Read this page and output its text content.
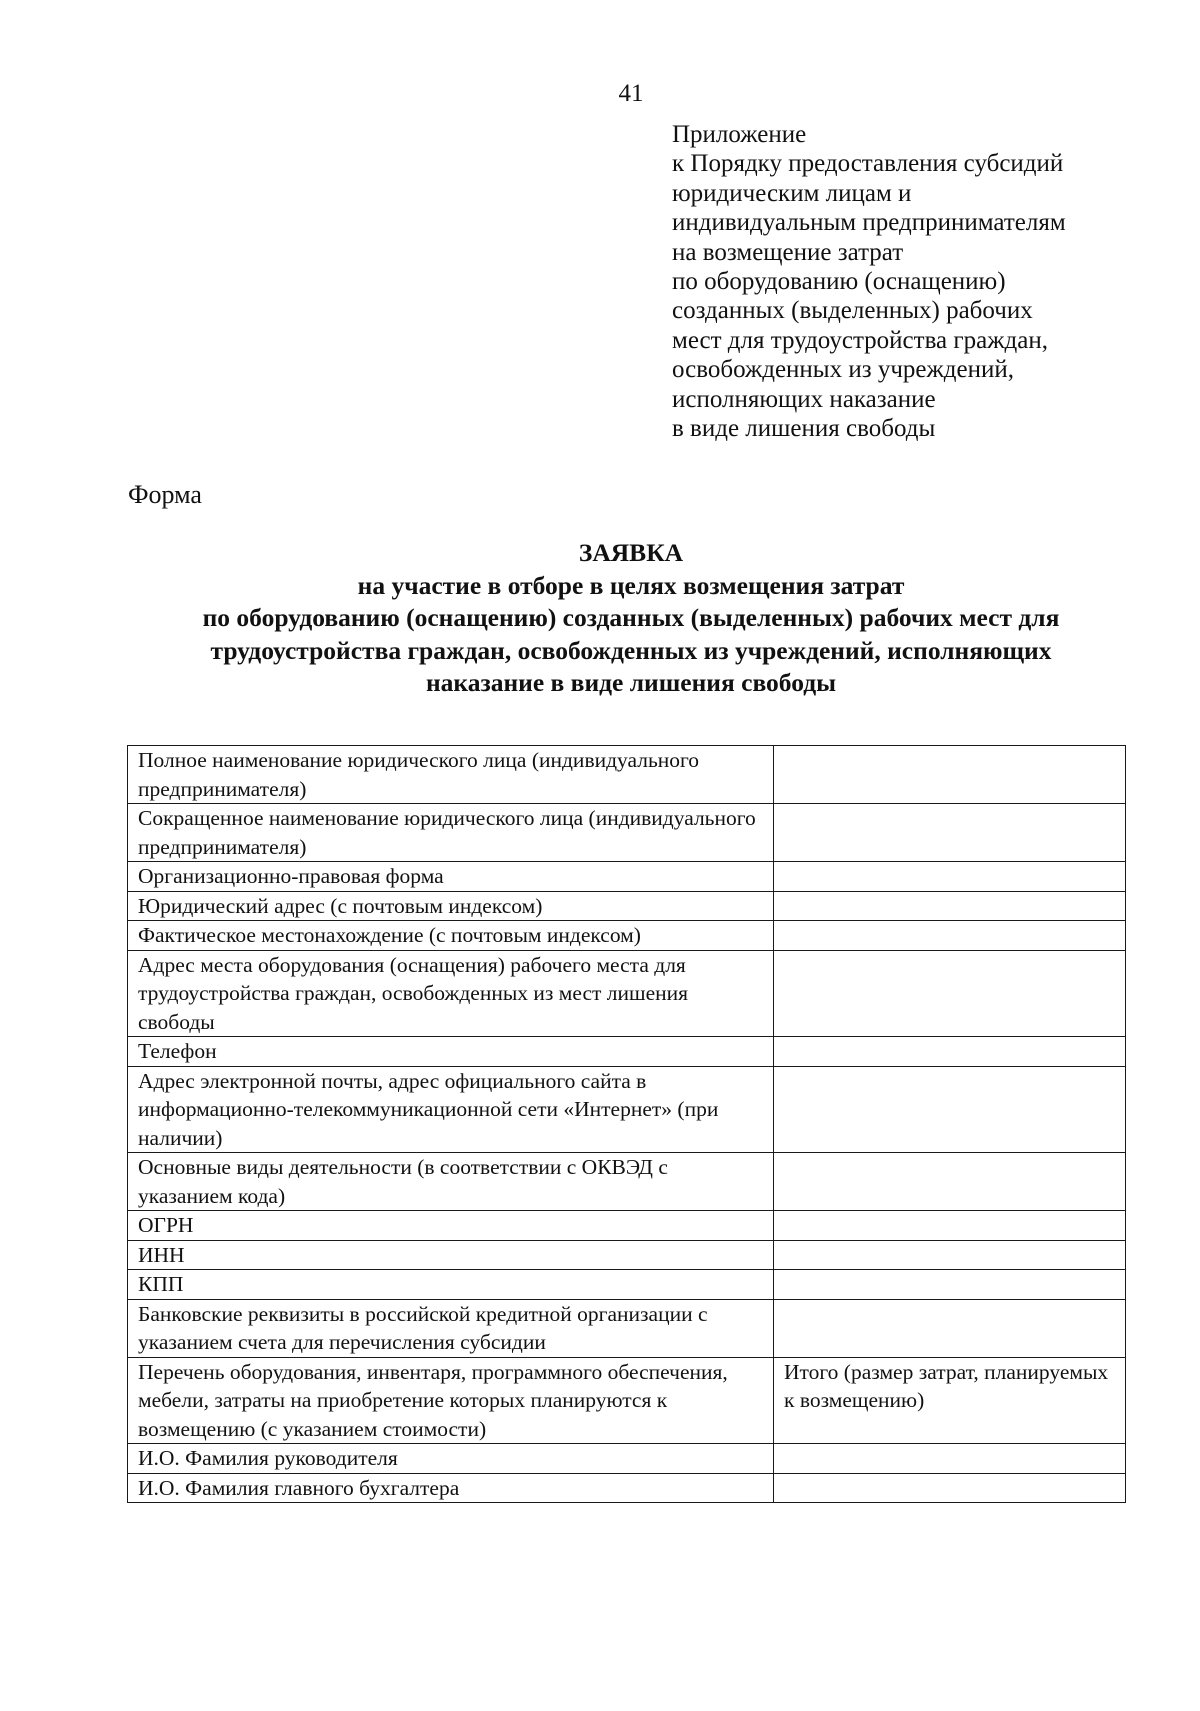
41
Приложение
к Порядку предоставления субсидий
юридическим лицам и
индивидуальным предпринимателям
на возмещение затрат
по оборудованию (оснащению)
созданных (выделенных) рабочих
мест для трудоустройства граждан,
освобожденных из учреждений,
исполняющих наказание
в виде лишения свободы
Форма
ЗАЯВКА
на участие в отборе в целях возмещения затрат
по оборудованию (оснащению) созданных (выделенных) рабочих мест для
трудоустройства граждан, освобожденных из учреждений, исполняющих
наказание в виде лишения свободы
Полное наименование юридического лица (индивидуального предпринимателя)	
Сокращенное наименование юридического лица (индивидуального предпринимателя)	
Организационно-правовая форма	
Юридический адрес (с почтовым индексом)	
Фактическое местонахождение (с почтовым индексом)	
Адрес места оборудования (оснащения) рабочего места для трудоустройства граждан, освобожденных из мест лишения свободы	
Телефон	
Адрес электронной почты, адрес официального сайта в информационно-телекоммуникационной сети «Интернет» (при наличии)	
Основные виды деятельности (в соответствии с ОКВЭД с указанием кода)	
ОГРН	
ИНН	
КПП	
Банковские реквизиты в российской кредитной организации с указанием счета для перечисления субсидии	
Перечень оборудования, инвентаря, программного обеспечения, мебели, затраты на приобретение которых планируются к возмещению (с указанием стоимости)	Итого (размер затрат, планируемых к возмещению)
И.О. Фамилия руководителя	
И.О. Фамилия главного бухгалтера	
